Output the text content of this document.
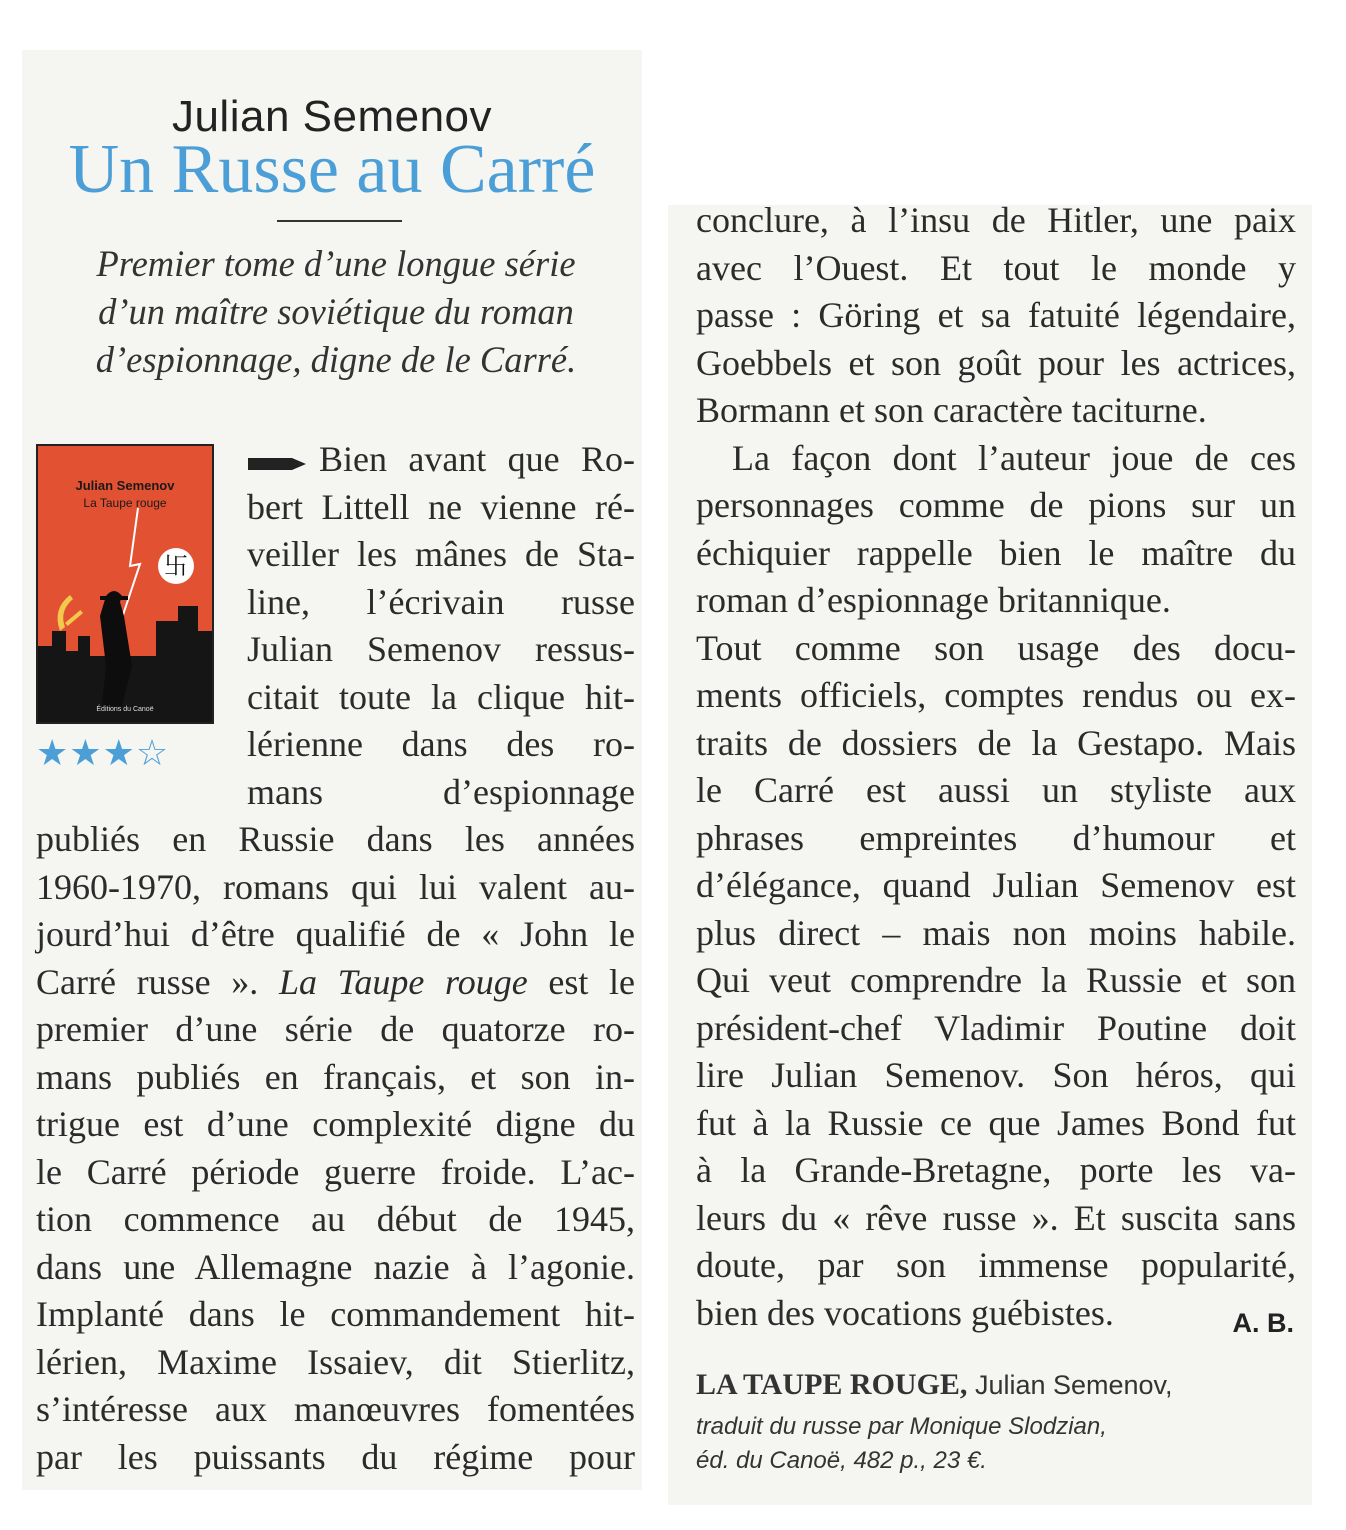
Julian Semenov
Un Russe au Carré
Premier tome d’une longue série
d’un maître soviétique du roman
d’espionnage, digne de le Carré.
卐
Julian Semenov
La Taupe rouge
Éditions du Canoë
★★★☆
Bien avant que Ro-
bert Littell ne vienne ré-
veiller les mânes de Sta-
line, l’écrivain russe
Julian Semenov ressus-
citait toute la clique hit-
lérienne dans des ro-
mans d’espionnage
publiés en Russie dans les années
1960-1970, romans qui lui valent au-
jourd’hui d’être qualifié de « John le
Carré russe ». La Taupe rouge est le
premier d’une série de quatorze ro-
mans publiés en français, et son in-
trigue est d’une complexité digne du
le Carré période guerre froide. L’ac-
tion commence au début de 1945,
dans une Allemagne nazie à l’agonie.
Implanté dans le commandement hit-
lérien, Maxime Issaiev, dit Stierlitz,
s’intéresse aux manœuvres fomentées
par les puissants du régime pour
conclure, à l’insu de Hitler, une paix
avec l’Ouest. Et tout le monde y
passe : Göring et sa fatuité légendaire,
Goebbels et son goût pour les actrices,
Bormann et son caractère taciturne.
La façon dont l’auteur joue de ces
personnages comme de pions sur un
échiquier rappelle bien le maître du
roman d’espionnage britannique.
Tout comme son usage des docu-
ments officiels, comptes rendus ou ex-
traits de dossiers de la Gestapo. Mais
le Carré est aussi un styliste aux
phrases empreintes d’humour et
d’élégance, quand Julian Semenov est
plus direct – mais non moins habile.
Qui veut comprendre la Russie et son
président-chef Vladimir Poutine doit
lire Julian Semenov. Son héros, qui
fut à la Russie ce que James Bond fut
à la Grande-Bretagne, porte les va-
leurs du « rêve russe ». Et suscita sans
doute, par son immense popularité,
bien des vocations guébistes.	A. B.
LA TAUPE ROUGE, Julian Semenov,
traduit du russe par Monique Slodzian,
éd. du Canoë, 482 p., 23 €.
